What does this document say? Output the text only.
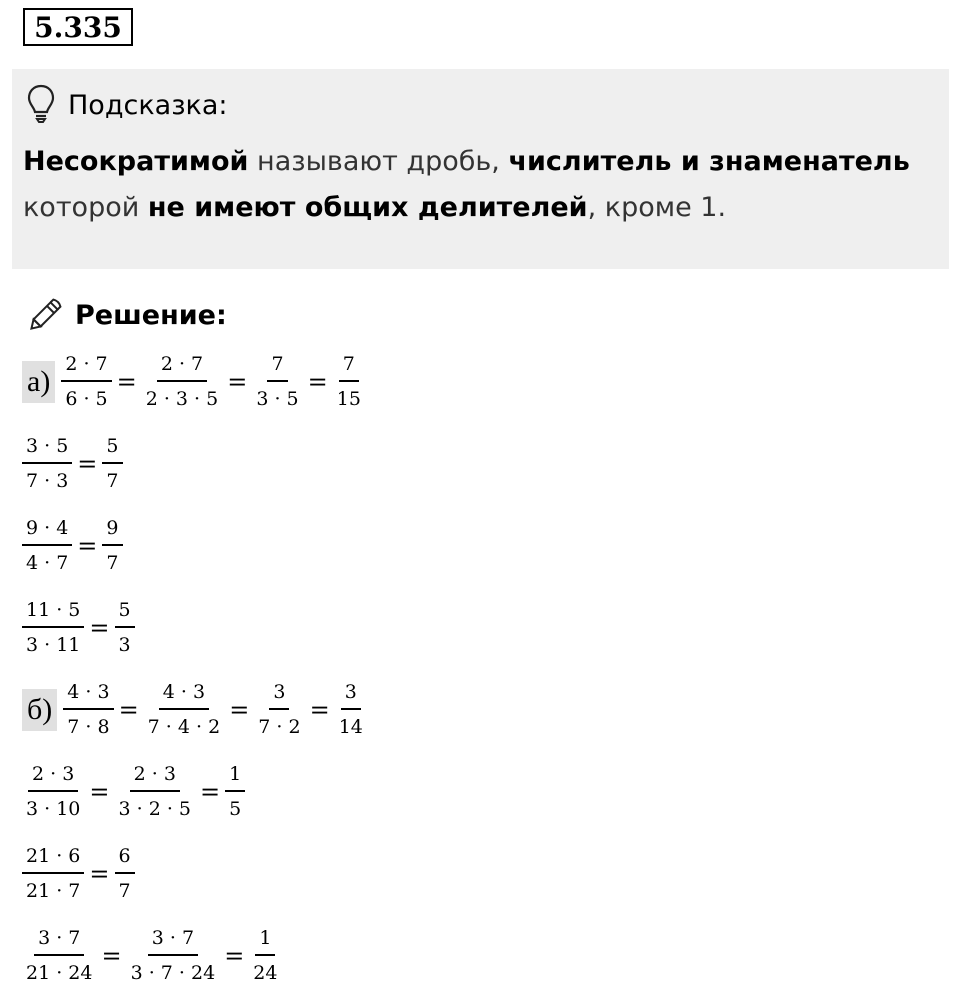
5.335
Подсказка:
Несократимой называют дробь, числитель и знаменатель
которой не имеют общих делителей, кроме 1.
Решение:
$а) \frac{2 \cdot 7}{6 \cdot 5} = \frac{2 \cdot 7}{2 \cdot 3 \cdot 5} = \frac{7}{3 \cdot 5} = \frac{7}{15}$
$\frac{3 \cdot 5}{7 \cdot 3} = \frac{5}{7}$
$\frac{9 \cdot 4}{4 \cdot 7} = \frac{9}{7}$
$\frac{11 \cdot 5}{3 \cdot 11} = \frac{5}{3}$
$б) \frac{4 \cdot 3}{7 \cdot 8} = \frac{4 \cdot 3}{7 \cdot 4 \cdot 2} = \frac{3}{7 \cdot 2} = \frac{3}{14}$
$\frac{2 \cdot 3}{3 \cdot 10} = \frac{2 \cdot 3}{3 \cdot 2 \cdot 5} = \frac{1}{5}$
$\frac{21 \cdot 6}{21 \cdot 7} = \frac{6}{7}$
$\frac{3 \cdot 7}{21 \cdot 24} = \frac{3 \cdot 7}{3 \cdot 7 \cdot 24} = \frac{1}{24}$
